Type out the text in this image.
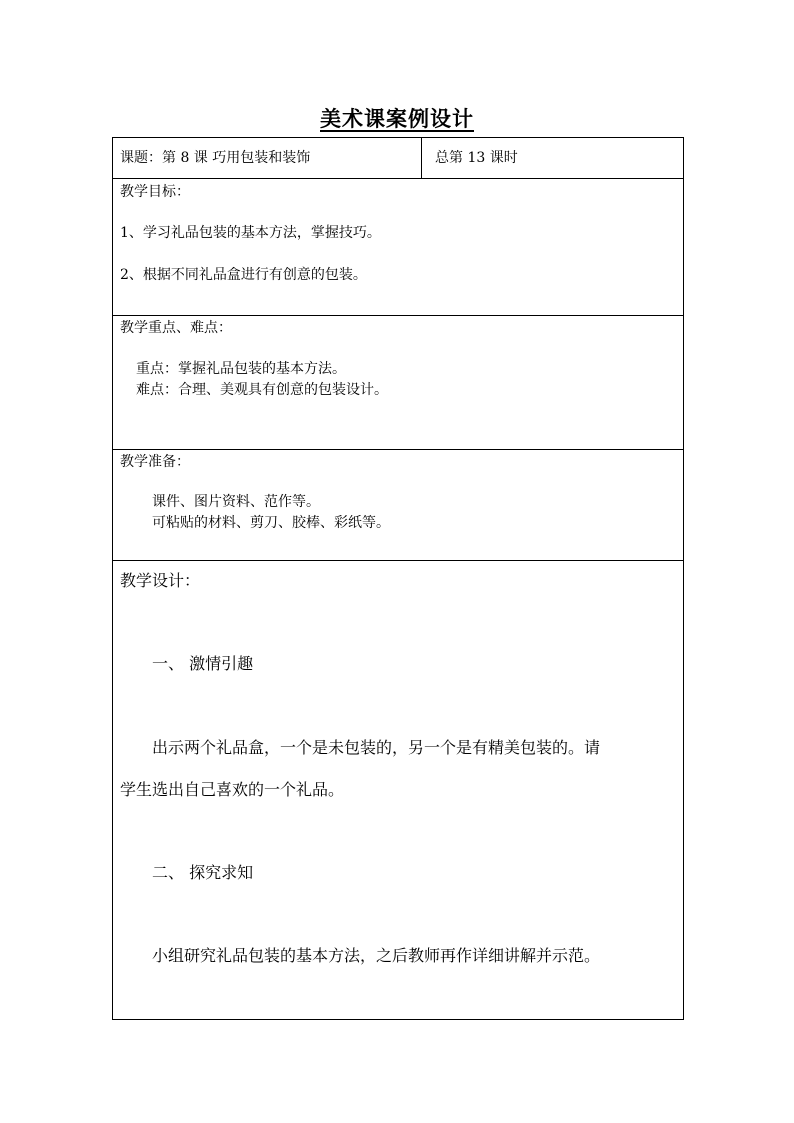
美术课案例设计
课题：第 8 课 巧用包装和装饰	总第 13 课时
教学目标：
1、学习礼品包装的基本方法，掌握技巧。
2、根据不同礼品盒进行有创意的包装。
教学重点、难点：
重点：掌握礼品包装的基本方法。
难点：合理、美观具有创意的包装设计。
教学准备：
课件、图片资料、范作等。
可粘贴的材料、剪刀、胶棒、彩纸等。
教学设计：
一、 激情引趣
出示两个礼品盒，一个是未包装的，另一个是有精美包装的。请
学生选出自己喜欢的一个礼品。
二、 探究求知
小组研究礼品包装的基本方法，之后教师再作详细讲解并示范。
